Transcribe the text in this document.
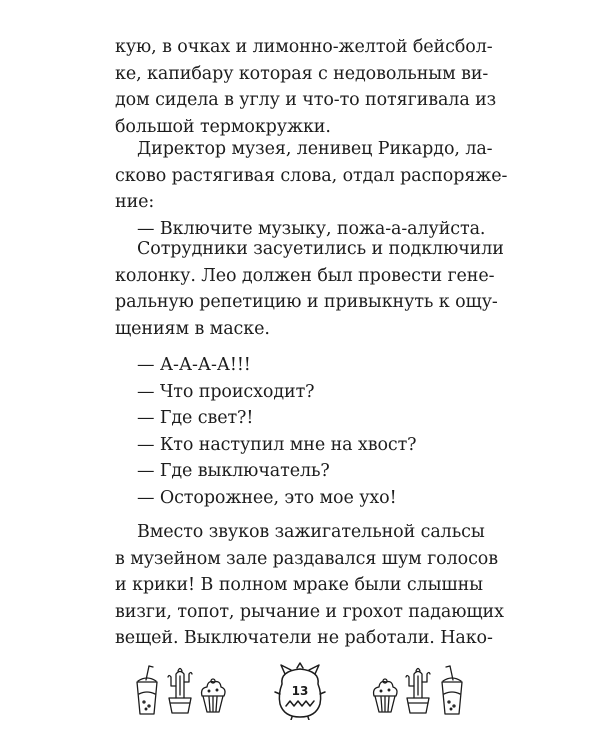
кую, в очках и лимонно-желтой бейсбол-
ке, капибару которая с недовольным ви-
дом сидела в углу и что-то потягивала из
большой термокружки.
Директор музея, ленивец Рикардо, ла-
сково растягивая слова, отдал распоряже-
ние:
— Включите музыку, пожа-а-алуйста.
Сотрудники засуетились и подключили
колонку. Лео должен был провести гене-
ральную репетицию и привыкнуть к ощу-
щениям в маске.
— А-А-А-А!!!
— Что происходит?
— Где свет?!
— Кто наступил мне на хвост?
— Где выключатель?
— Осторожнее, это мое ухо!
Вместо звуков зажигательной сальсы
в музейном зале раздавался шум голосов
и крики! В полном мраке были слышны
визги, топот, рычание и грохот падающих
вещей. Выключатели не работали. Нако-
13
